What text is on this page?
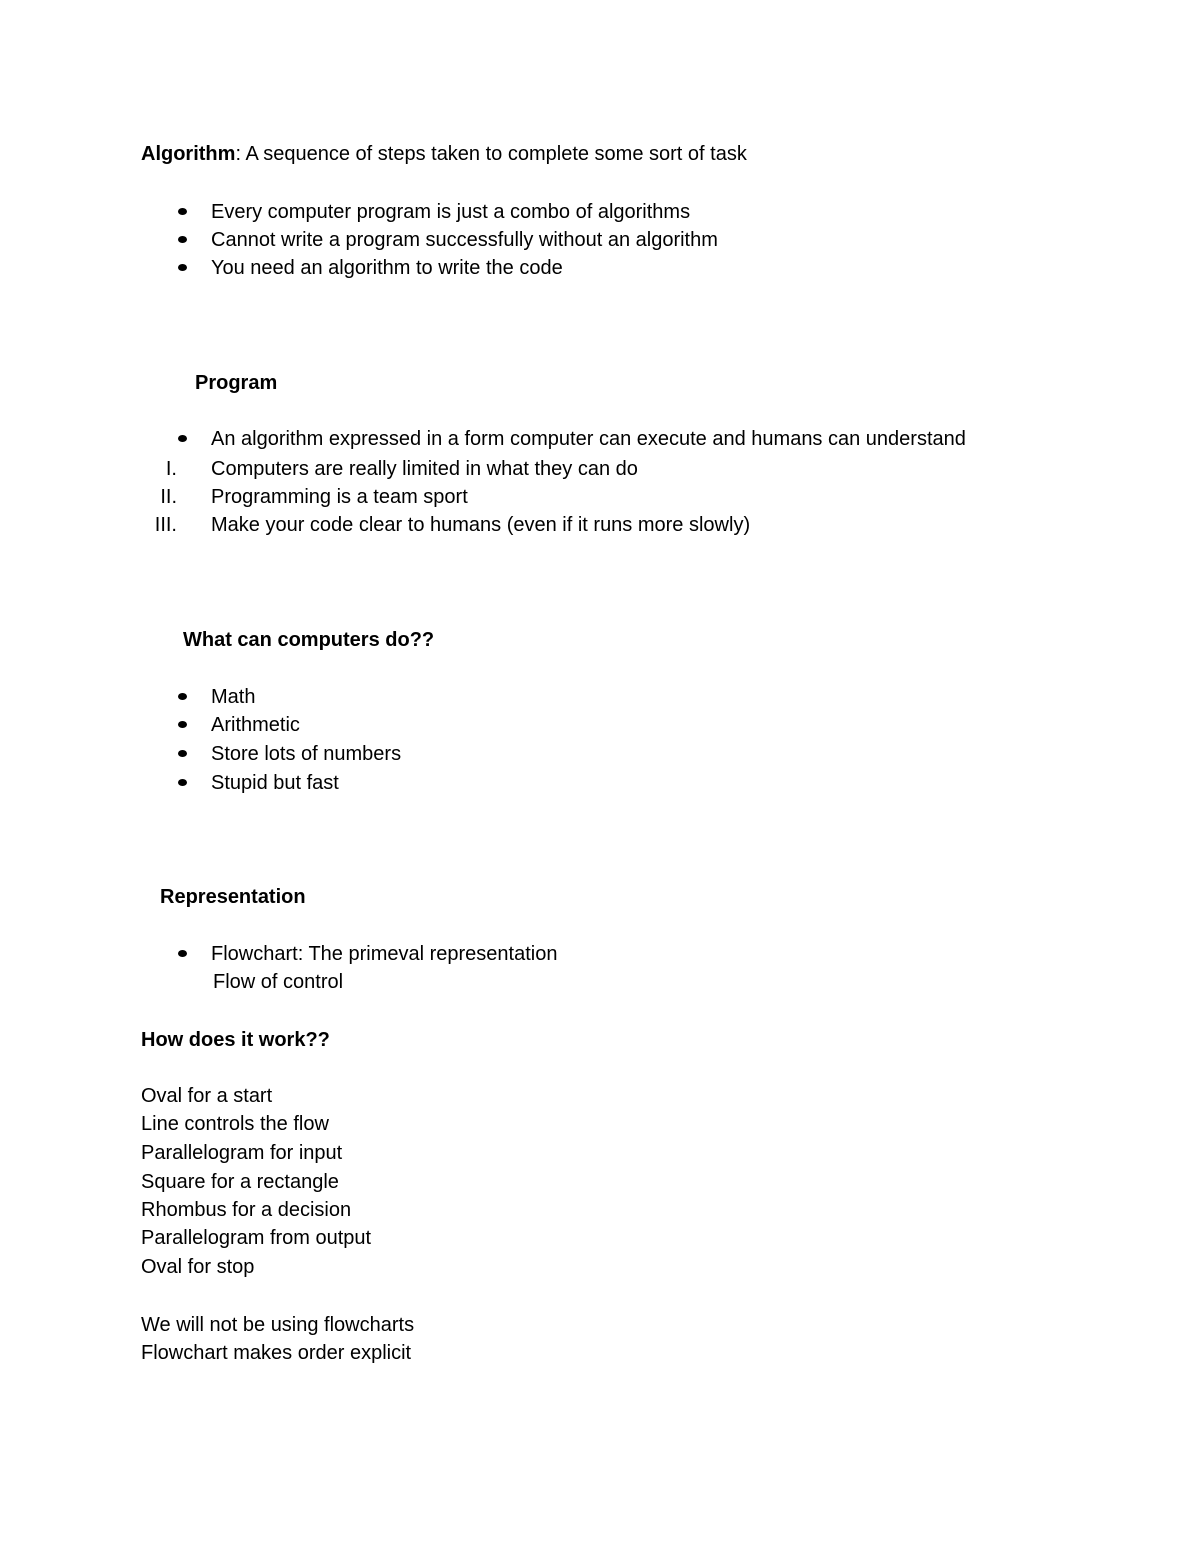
Algorithm: A sequence of steps taken to complete some sort of task
Every computer program is just a combo of algorithms
Cannot write a program successfully without an algorithm
You need an algorithm to write the code
Program
An algorithm expressed in a form computer can execute and humans can understand
I. Computers are really limited in what they can do
II. Programming is a team sport
III. Make your code clear to humans (even if it runs more slowly)
What can computers do??
Math
Arithmetic
Store lots of numbers
Stupid but fast
Representation
Flowchart: The primeval representation
Flow of control
How does it work??
Oval for a start
Line controls the flow
Parallelogram for input
Square for a rectangle
Rhombus for a decision
Parallelogram from output
Oval for stop
We will not be using flowcharts
Flowchart makes order explicit
